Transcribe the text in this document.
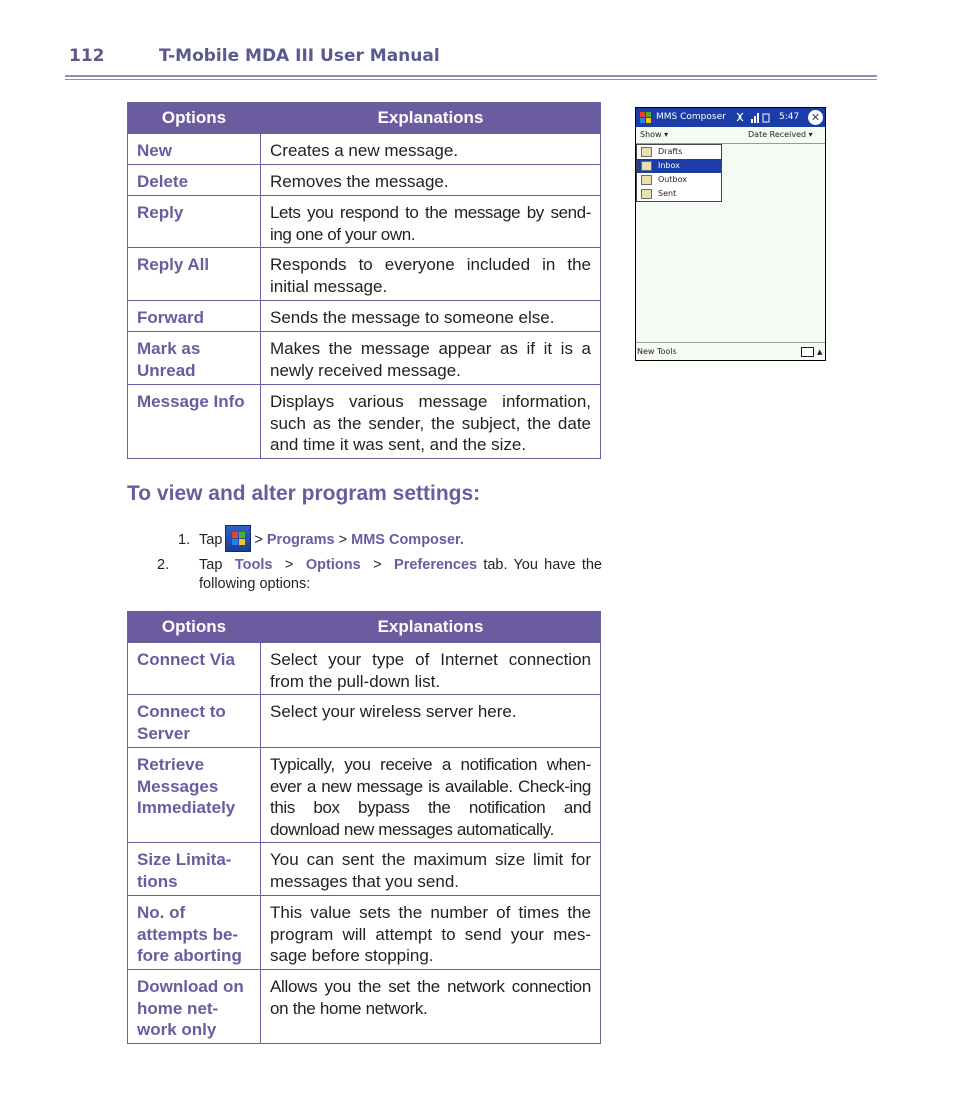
112	T-Mobile MDA III User Manual
Options	Explanations
New	Creates a new message.
Delete	Removes the message.
Reply	Lets you respond to the message by send-ing one of your own.
Reply All	Responds to everyone included in the initial message.
Forward	Sends the message to someone else.
Mark as Unread	Makes the message appear as if it is a newly received message.
Message Info	Displays various message information, such as the sender, the subject, the date and time it was sent, and the size.
MMS Composer	5:47 ✕
Show ▾	Date Received ▾
Drafts
Inbox
Outbox
Sent
New Tools	▲
To view and alter program settings:
1. Tap > Programs > MMS Composer.
2. Tap Tools > Options > Preferences tab. You have the following options:
Options	Explanations
Connect Via	Select your type of Internet connection from the pull-down list.
Connect to Server	Select your wireless server here.
Retrieve Messages Immediately	Typically, you receive a notification when-ever a new message is available. Check-ing this box bypass the notification and download new messages automatically.
Size Limita-tions	You can sent the maximum size limit for messages that you send.
No. of attempts be-fore aborting	This value sets the number of times the program will attempt to send your mes-sage before stopping.
Download on home net-work only	Allows you the set the network connection on the home network.
